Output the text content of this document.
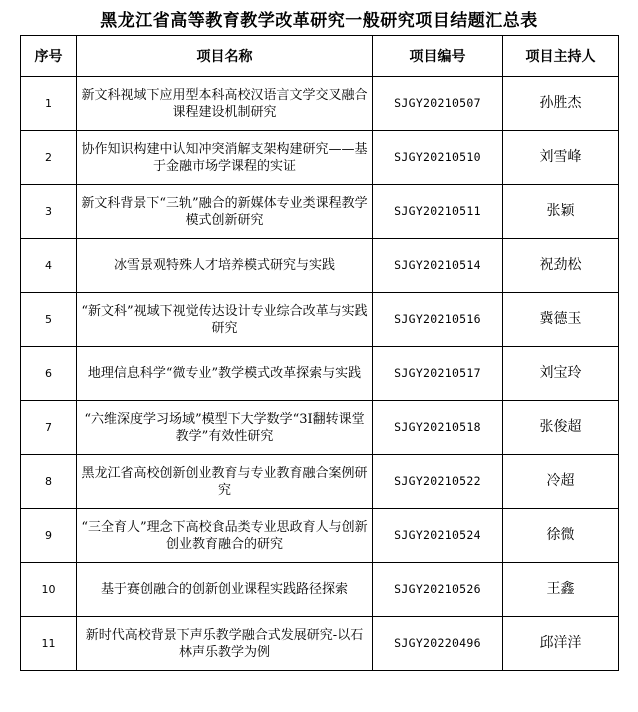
黑龙江省高等教育教学改革研究一般研究项目结题汇总表
序号	项目名称	项目编号	项目主持人
1	新文科视域下应用型本科高校汉语言文学交叉融合课程建设机制研究	SJGY20210507	孙胜杰
2	协作知识构建中认知冲突消解支架构建研究——基于金融市场学课程的实证	SJGY20210510	刘雪峰
3	新文科背景下“三轨”融合的新媒体专业类课程教学模式创新研究	SJGY20210511	张颖
4	冰雪景观特殊人才培养模式研究与实践	SJGY20210514	祝劲松
5	“新文科”视域下视觉传达设计专业综合改革与实践研究	SJGY20210516	冀德玉
6	地理信息科学“微专业”教学模式改革探索与实践	SJGY20210517	刘宝玲
7	“六维深度学习场域”模型下大学数学“3I翻转课堂教学”有效性研究	SJGY20210518	张俊超
8	黑龙江省高校创新创业教育与专业教育融合案例研究	SJGY20210522	冷超
9	“三全育人”理念下高校食品类专业思政育人与创新创业教育融合的研究	SJGY20210524	徐微
10	基于赛创融合的创新创业课程实践路径探索	SJGY20210526	王鑫
11	新时代高校背景下声乐教学融合式发展研究-以石林声乐教学为例	SJGY20220496	邱洋洋
